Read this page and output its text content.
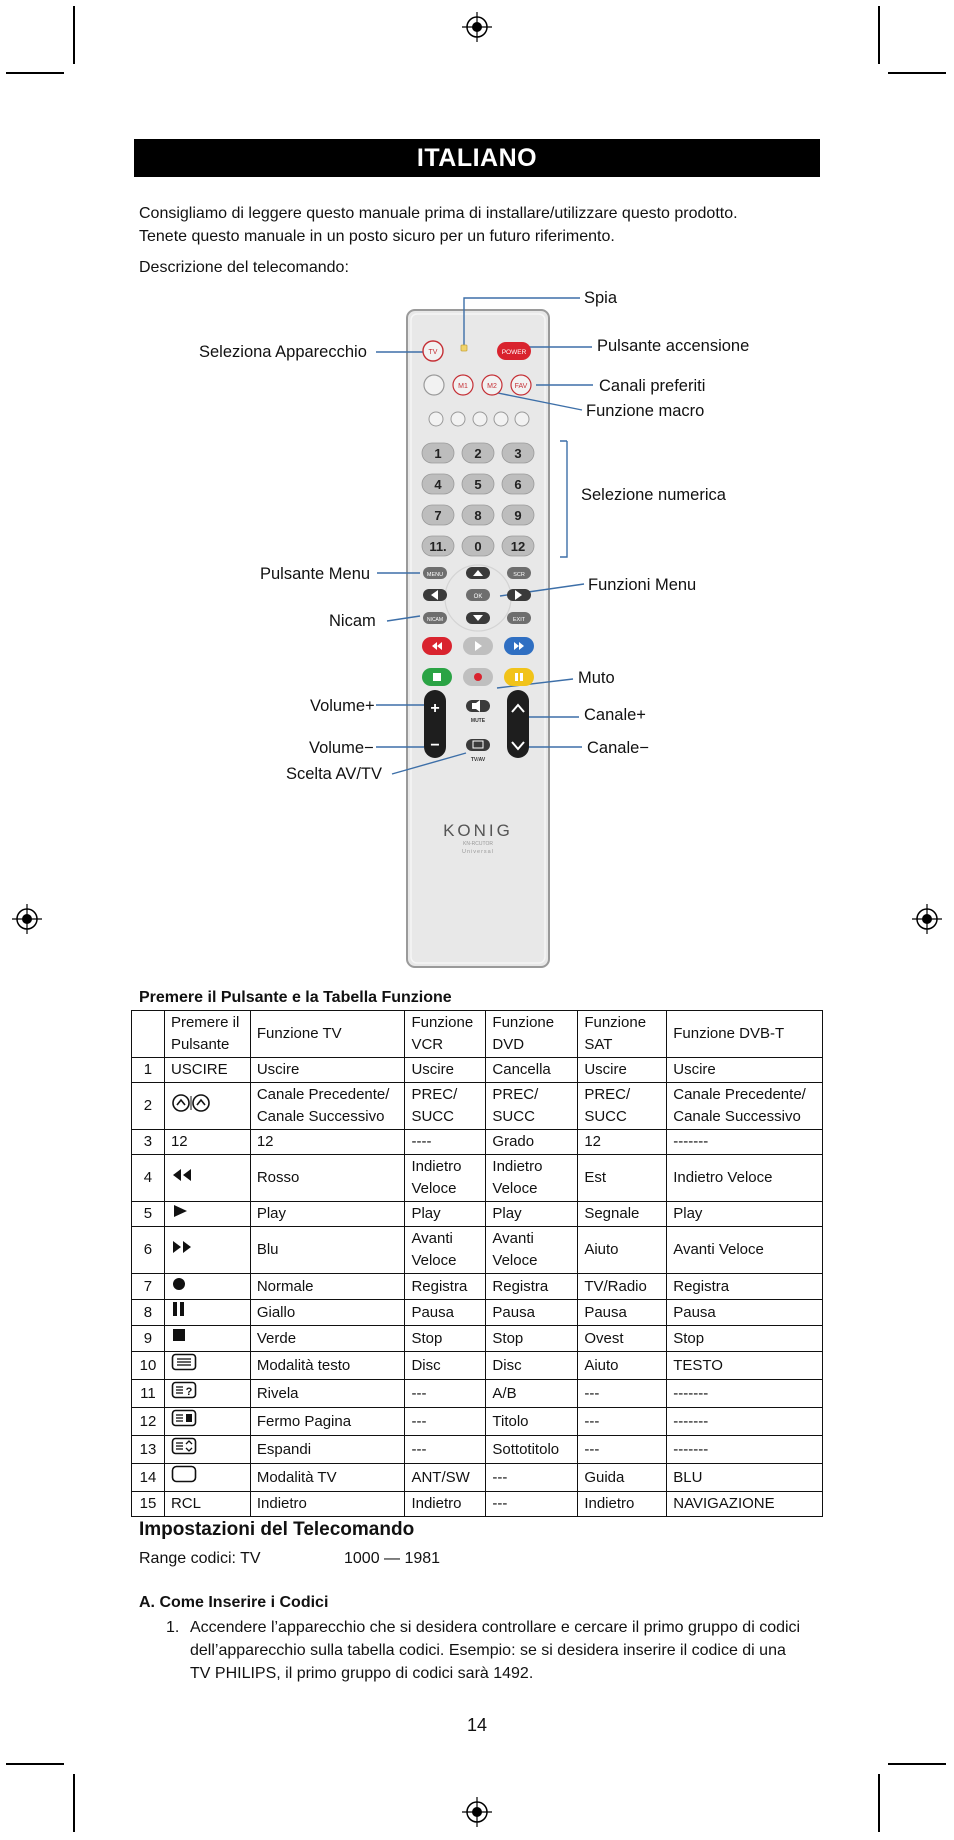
ITALIANO
Consigliamo di leggere questo manuale prima di installare/utilizzare questo prodotto.
Tenete questo manuale in un posto sicuro per un futuro riferimento.
Descrizione del telecomando:
TV	POWER
M1	M2	FAV
1	2	3
4	5	6
7	8	9
11. 0 12
MENU	SCR
OK
NICAM	EXIT
+
−
MUTE
TV/AV
KONIG
KN-RCUTOR
Universal
Spia
Seleziona Apparecchio	Pulsante accensione
Canali preferiti
Funzione macro
Selezione numerica
Pulsante Menu
Funzioni Menu
Nicam
Muto
Volume+	Canale+
Volume−	Canale−
Scelta AV/TV
Premere il Pulsante e la Tabella Funzione
	Premere il Pulsante	Funzione TV	Funzione VCR	Funzione DVD	Funzione SAT	Funzione DVB-T
1	USCIRE	Uscire	Uscire	Cancella	Uscire	Uscire
2		Canale Precedente/ Canale Successivo	PREC/ SUCC	PREC/ SUCC	PREC/ SUCC	Canale Precedente/ Canale Successivo
3	12	12	----	Grado	12	-------
4		Rosso	Indietro Veloce	Indietro Veloce	Est	Indietro Veloce
5		Play	Play	Play	Segnale	Play
6		Blu	Avanti Veloce	Avanti Veloce	Aiuto	Avanti Veloce
7		Normale	Registra	Registra	TV/Radio	Registra
8		Giallo	Pausa	Pausa	Pausa	Pausa
9		Verde	Stop	Stop	Ovest	Stop
10		Modalità testo	Disc	Disc	Aiuto	TESTO
11	?	Rivela	---	A/B	---	-------
12		Fermo Pagina	---	Titolo	---	-------
13		Espandi	---	Sottotitolo	---	-------
14		Modalità TV	ANT/SW	---	Guida	BLU
15	RCL	Indietro	Indietro	---	Indietro	NAVIGAZIONE
Impostazioni del Telecomando
Range codici: TV	1000 — 1981
A. Come Inserire i Codici
1. Accendere l’apparecchio che si desidera controllare e cercare il primo gruppo di codici dell’apparecchio sulla tabella codici. Esempio: se si desidera inserire il codice di una TV PHILIPS, il primo gruppo di codici sarà 1492.
14
